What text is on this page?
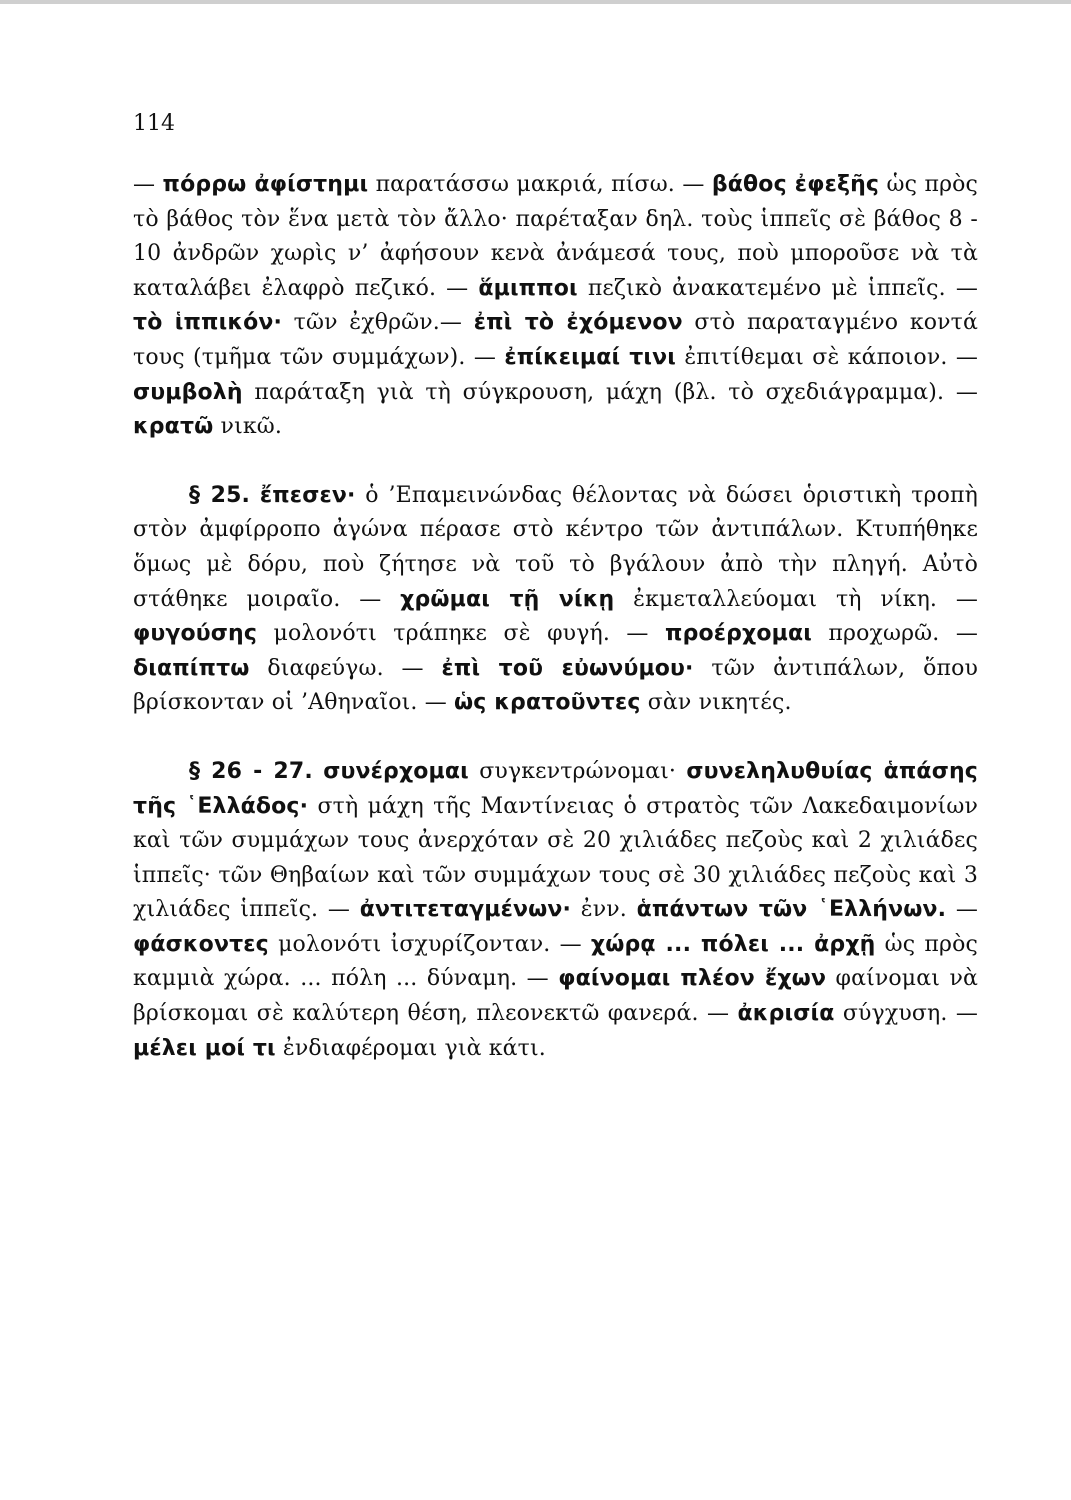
114

— πόρρω ἀφίστημι παρατάσσω μακριά, πίσω. — βάθος ἐφεξῆς ὡς πρὸς τὸ βάθος τὸν ἕνα μετὰ τὸν ἄλλο· παρέταξαν δηλ. τοὺς ἱππεῖς σὲ βάθος 8 - 10 ἀνδρῶν χωρὶς ν’ ἀφήσουν κενὰ ἀνάμεσά τους, ποὺ μποροῦσε νὰ τὰ καταλάβει ἐλαφρὸ πεζικό. — ἅμιπποι πεζικὸ ἀνακατεμένο μὲ ἱππεῖς. — τὸ ἱππικόν· τῶν ἐχθρῶν.— ἐπὶ τὸ ἐχόμενον στὸ παραταγμένο κοντά τους (τμῆμα τῶν συμμάχων). — ἐπίκειμαί τινι ἐπιτίθεμαι σὲ κάποιον. — συμβολὴ παράταξη γιὰ τὴ σύγκρουση, μάχη (βλ. τὸ σχεδιάγραμμα). — κρατῶ νικῶ.

§ 25. ἔπεσεν· ὁ ’Επαμεινώνδας θέλοντας νὰ δώσει ὁριστικὴ τροπὴ στὸν ἀμφίρροπο ἀγώνα πέρασε στὸ κέντρο τῶν ἀντιπάλων. Κτυπήθηκε ὅμως μὲ δόρυ, ποὺ ζήτησε νὰ τοῦ τὸ βγάλουν ἀπὸ τὴν πληγή. Αὐτὸ στάθηκε μοιραῖο. — χρῶμαι τῇ νίκῃ ἐκμεταλλεύομαι τὴ νίκη. — φυγούσης μολονότι τράπηκε σὲ φυγή. — προέρχομαι προχωρῶ. — διαπίπτω διαφεύγω. — ἐπὶ τοῦ εὐωνύμου· τῶν ἀντιπάλων, ὅπου βρίσκονταν οἱ ’Αθηναῖοι. — ὡς κρατοῦντες σὰν νικητές.

§ 26 - 27. συνέρχομαι συγκεντρώνομαι· συνεληλυθυίας ἁπάσης τῆς ῾Ελλάδος· στὴ μάχη τῆς Μαντίνειας ὁ στρατὸς τῶν Λακεδαιμονίων καὶ τῶν συμμάχων τους ἀνερχόταν σὲ 20 χιλιάδες πεζοὺς καὶ 2 χιλιάδες ἱππεῖς· τῶν Θηβαίων καὶ τῶν συμμάχων τους σὲ 30 χιλιάδες πεζοὺς καὶ 3 χιλιάδες ἱππεῖς. — ἀντιτεταγμένων· ἐνν. ἁπάντων τῶν ῾Ελλήνων. — φάσκοντες μολονότι ἰσχυρίζονταν. — χώρᾳ ... πόλει ... ἀρχῇ ὡς πρὸς καμμιὰ χώρα. ... πόλη ... δύναμη. — φαίνομαι πλέον ἔχων φαίνομαι νὰ βρίσκομαι σὲ καλύτερη θέση, πλεονεκτῶ φανερά. — ἀκρισία σύγχυση. — μέλει μοί τι ἐνδιαφέρομαι γιὰ κάτι.
